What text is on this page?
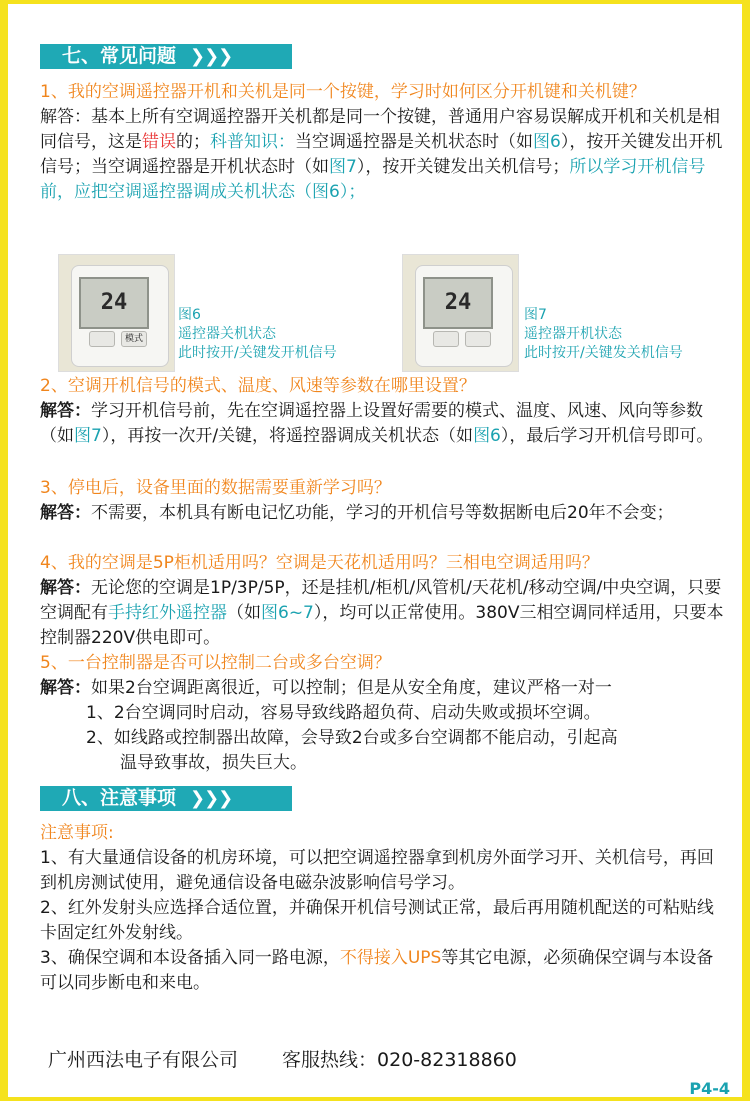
七、常见问题 ❯❯❯
1、我的空调遥控器开机和关机是同一个按键，学习时如何区分开机键和关机键？
解答：基本上所有空调遥控器开关机都是同一个按键，普通用户容易误解成开机和关机是相同信号，这是错误的；科普知识：当空调遥控器是关机状态时（如图6），按开关键发出开机信号；当空调遥控器是开机状态时（如图7），按开关键发出关机信号；所以学习开机信号前，应把空调遥控器调成关机状态（图6）；
24
模式
图6
遥控器关机状态
此时按开/关键发开机信号
24	图7
遥控器开机状态
此时按开/关键发关机信号
2、空调开机信号的模式、温度、风速等参数在哪里设置？
解答：学习开机信号前，先在空调遥控器上设置好需要的模式、温度、风速、风向等参数（如图7），再按一次开/关键，将遥控器调成关机状态（如图6），最后学习开机信号即可。
3、停电后，设备里面的数据需要重新学习吗？
解答：不需要，本机具有断电记忆功能，学习的开机信号等数据断电后20年不会变；
4、我的空调是5P柜机适用吗？空调是天花机适用吗？三相电空调适用吗？
解答：无论您的空调是1P/3P/5P，还是挂机/柜机/风管机/天花机/移动空调/中央空调，只要空调配有手持红外遥控器（如图6~7），均可以正常使用。380V三相空调同样适用，只要本控制器220V供电即可。
5、一台控制器是否可以控制二台或多台空调？
解答：如果2台空调距离很近，可以控制；但是从安全角度，建议严格一对一
1、2台空调同时启动，容易导致线路超负荷、启动失败或损坏空调。
2、如线路或控制器出故障，会导致2台或多台空调都不能启动，引起高
温导致事故，损失巨大。
八、注意事项 ❯❯❯
注意事项:
1、有大量通信设备的机房环境，可以把空调遥控器拿到机房外面学习开、关机信号，再回到机房测试使用，避免通信设备电磁杂波影响信号学习。
2、红外发射头应选择合适位置，并确保开机信号测试正常，最后再用随机配送的可粘贴线卡固定红外发射线。
3、确保空调和本设备插入同一路电源，不得接入UPS等其它电源，必须确保空调与本设备可以同步断电和来电。
广州西法电子有限公司 客服热线：020-82318860
P4-4
